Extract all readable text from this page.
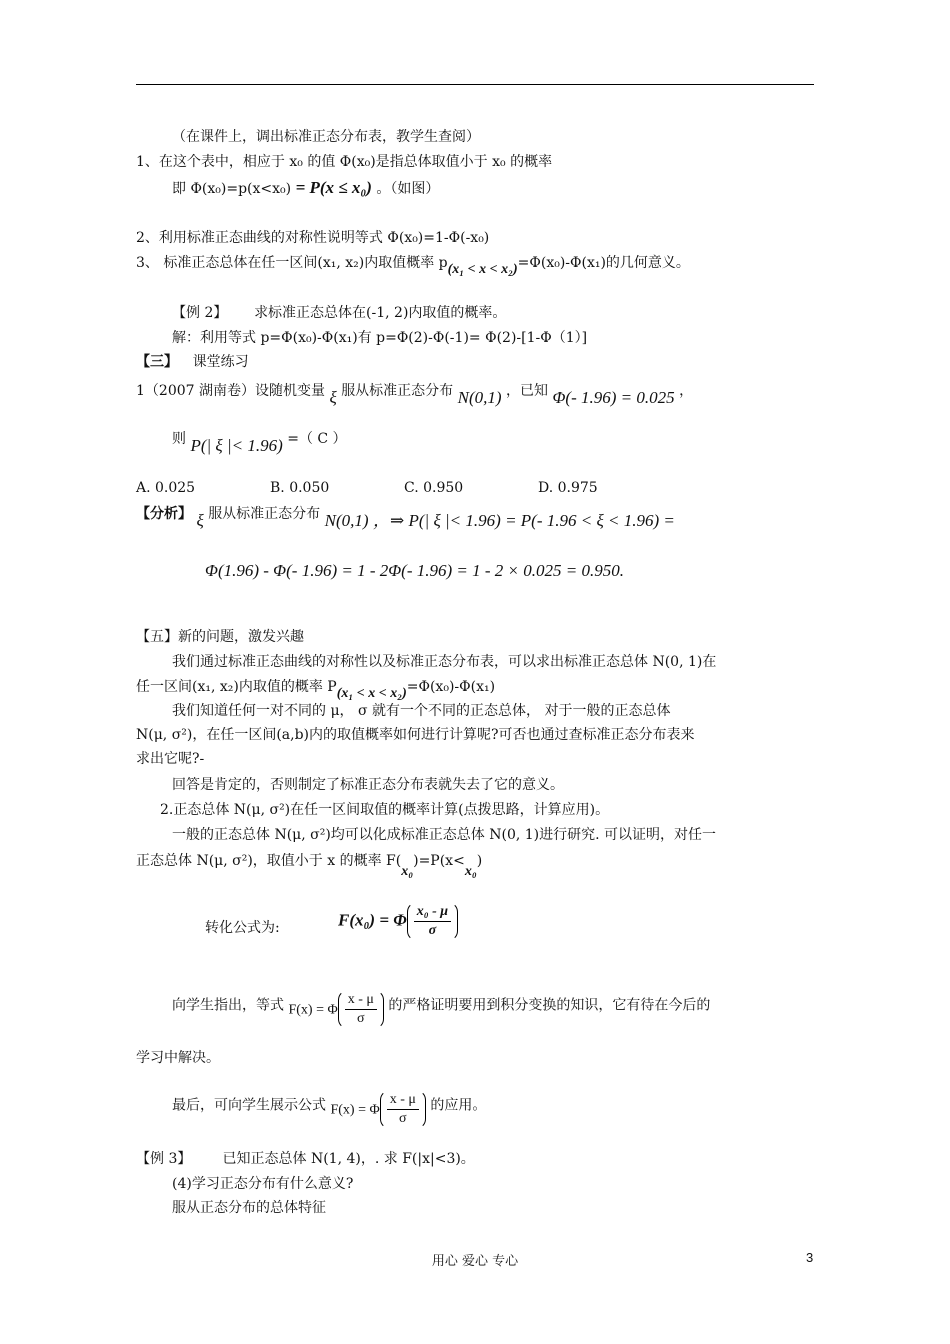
（在课件上，调出标准正态分布表，教学生查阅）
1、在这个表中，相应于 x₀ 的值 Φ(x₀)是指总体取值小于 x₀ 的概率
即 Φ(x₀)=p(x<x₀) = P(x ≤ x₀) 。（如图）
2、利用标准正态曲线的对称性说明等式 Φ(x₀)=1-Φ(-x₀)
3、 标准正态总体在任一区间(x₁, x₂)内取值概率 p(x₁ < x < x₂)=Φ(x₀)-Φ(x₁)的几何意义。
【例 2】 求标准正态总体在(-1, 2)内取值的概率。
解：利用等式 p=Φ(x₀)-Φ(x₁)有 p=Φ(2)-Φ(-1)= Φ(2)-[1-Φ（1）]
【三】 课堂练习
1（2007 湖南卷）设随机变量 ξ 服从标准正态分布 N(0,1) ，已知 Φ(- 1.96) = 0.025 ，
则 P(| ξ |< 1.96) =（ C ）
A. 0.025	B. 0.050	C. 0.950	D. 0.975
【分析】 ξ 服从标准正态分布 N(0,1) ，⇒ P(| ξ |< 1.96) = P(- 1.96 < ξ < 1.96) =
Φ(1.96) - Φ(- 1.96) = 1 - 2Φ(- 1.96) = 1 - 2 × 0.025 = 0.950.
【五】新的问题，激发兴趣
我们通过标准正态曲线的对称性以及标准正态分布表，可以求出标准正态总体 N(0, 1)在
任一区间(x₁, x₂)内取值的概率 P(x₁ < x < x₂)=Φ(x₀)-Φ(x₁)
我们知道任何一对不同的 μ， σ 就有一个不同的正态总体， 对于一般的正态总体
N(μ, σ²)，在任一区间(a,b)内的取值概率如何进行计算呢?可否也通过查标准正态分布表来
求出它呢?-
回答是肯定的，否则制定了标准正态分布表就失去了它的意义。
2.正态总体 N(μ, σ²)在任一区间取值的概率计算(点拨思路，计算应用)。
一般的正态总体 N(μ, σ²)均可以化成标准正态总体 N(0, 1)进行研究. 可以证明，对任一
正态总体 N(μ, σ²)，取值小于 x 的概率 F(x₀)=P(x<x₀)
转化公式为:	F(x₀) = Φ $\frac{\text{x₀ - μ}}{\sigma}$
向学生指出，等式 F(x) = Φ $\frac{x - \mu}{\sigma}$ 的严格证明要用到积分变换的知识，它有待在今后的
学习中解决。
最后，可向学生展示公式 F(x) = Φ $\frac{x - \mu}{\sigma}$ 的应用。
【例 3】 已知正态总体 N(1, 4)，. 求 F(|x|<3)。
(4)学习正态分布有什么意义?
服从正态分布的总体特征
用心 爱心 专心	3
